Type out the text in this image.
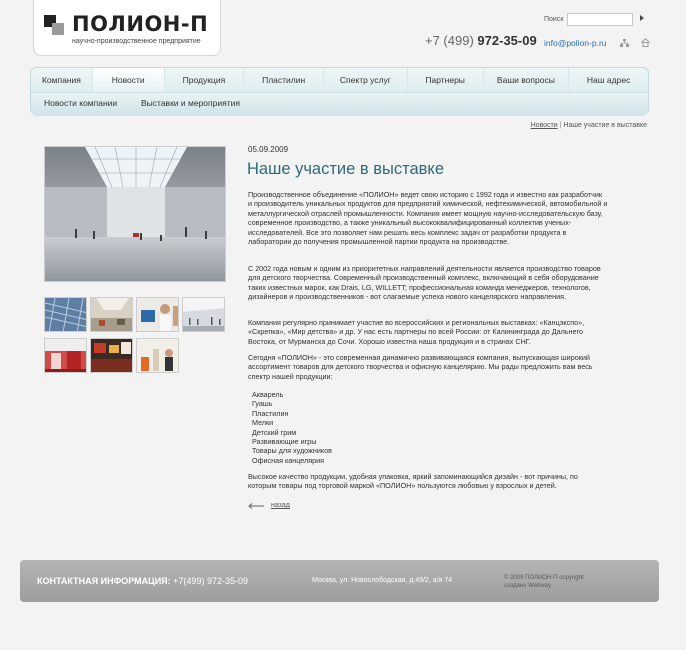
ПОЛИОН-П
научно-производственное предприятие
Поиск
+7 (499) 972-35-09 info@polion-p.ru
Компания	Новости	Продукция	Пластилин	Спектр услуг	Партнеры	Ваши вопросы	Наш адрес
Новости компании	Выставки и мероприятия
Новости | Наше участие в выставке
05.09.2009
Наше участие в выставке

Производственное объединение «ПОЛИОН» ведет свою историю с 1992 года и известно как разработчик и производитель уникальных продуктов для предприятий химической, нефтехимической, автомобильной и металлургической отраслей промышленности. Компания имеет мощную научно-исследовательскую базу, современное производство, а также уникальный высококвалифицированный коллектив ученых-исследователей. Все это позволяет нам решать весь комплекс задач от разработки продукта в лаборатории до получения промышленной партии продукта на производстве.

С 2002 года новым и одним из приоритетных направлений деятельности является производство товаров для детского творчества. Современный производственный комплекс, включающий в себя оборудование таких известных марок, как Drais, LG, WILLETT; профессиональная команда менеджеров, технологов, дизайнеров и производственников - вот слагаемые успеха нового канцелярского направления.

Компания регулярно принимает участие во всероссийских и региональных выставках: «Канцэкспо», «Скрепка», «Мир детства» и др. У нас есть партнеры по всей России: от Калининграда до Дальнего Востока, от Мурманска до Сочи. Хорошо известна наша продукция и в странах СНГ.

Сегодня «ПОЛИОН» - это современная динамично развивающаяся компания, выпускающая широкий ассортимент товаров для детского творчества и офисную канцелярию. Мы рады предложить вам весь спектр нашей продукции:

Акварель
Гуашь
Пластилин
Мелки
Детский грим
Развивающие игры
Товары для художников
Офисная канцелярия

Высокое качество продукции, удобная упаковка, яркий запоминающийся дизайн - вот причины, по которым товары под торговой маркой «ПОЛИОН» пользуются любовью у взрослых и детей.

назад
КОНТАКТНАЯ ИНФОРМАЦИЯ: +7(499) 972-35-09	Москва, ул. Новослободская, д.49/2, а/я 74	© 2009 ПОЛИОН-П copyright
создано Webway
